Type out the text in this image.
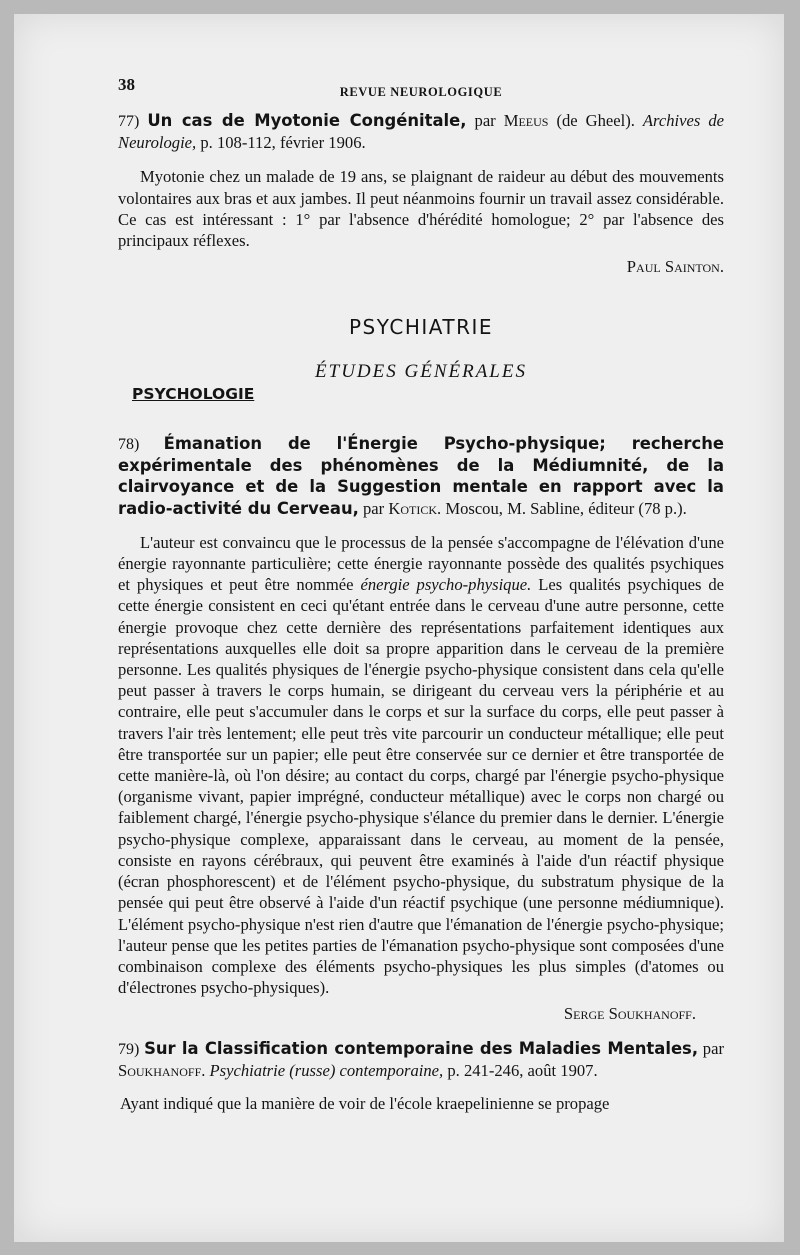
38	REVUE NEUROLOGIQUE

77) Un cas de Myotonie Congénitale, par Meeus (de Gheel). Archives de Neurologie, p. 108-112, février 1906.

Myotonie chez un malade de 19 ans, se plaignant de raideur au début des mouvements volontaires aux bras et aux jambes. Il peut néanmoins fournir un travail assez considérable. Ce cas est intéressant : 1° par l'absence d'hérédité homologue; 2° par l'absence des principaux réflexes.

Paul Sainton.

PSYCHIATRIE
ÉTUDES GÉNÉRALES
PSYCHOLOGIE

78) Émanation de l'Énergie Psycho-physique; recherche expérimentale des phénomènes de la Médiumnité, de la clairvoyance et de la Suggestion mentale en rapport avec la radio-activité du Cerveau, par Kotick. Moscou, M. Sabline, éditeur (78 p.).

L'auteur est convaincu que le processus de la pensée s'accompagne de l'élévation d'une énergie rayonnante particulière; cette énergie rayonnante possède des qualités psychiques et physiques et peut être nommée énergie psycho-physique. Les qualités psychiques de cette énergie consistent en ceci qu'étant entrée dans le cerveau d'une autre personne, cette énergie provoque chez cette dernière des représentations parfaitement identiques aux représentations auxquelles elle doit sa propre apparition dans le cerveau de la première personne. Les qualités physiques de l'énergie psycho-physique consistent dans cela qu'elle peut passer à travers le corps humain, se dirigeant du cerveau vers la périphérie et au contraire, elle peut s'accumuler dans le corps et sur la surface du corps, elle peut passer à travers l'air très lentement; elle peut très vite parcourir un conducteur métallique; elle peut être transportée sur un papier; elle peut être conservée sur ce dernier et être transportée de cette manière-là, où l'on désire; au contact du corps, chargé par l'énergie psycho-physique (organisme vivant, papier imprégné, conducteur métallique) avec le corps non chargé ou faiblement chargé, l'énergie psycho-physique s'élance du premier dans le dernier. L'énergie psycho-physique complexe, apparaissant dans le cerveau, au moment de la pensée, consiste en rayons cérébraux, qui peuvent être examinés à l'aide d'un réactif physique (écran phosphorescent) et de l'élément psycho-physique, du substratum physique de la pensée qui peut être observé à l'aide d'un réactif psychique (une personne médiumnique). L'élément psycho-physique n'est rien d'autre que l'émanation de l'énergie psycho-physique; l'auteur pense que les petites parties de l'émanation psycho-physique sont composées d'une combinaison complexe des éléments psycho-physiques les plus simples (d'atomes ou d'électrones psycho-physiques).

Serge Soukhanoff.

79) Sur la Classification contemporaine des Maladies Mentales, par Soukhanoff. Psychiatrie (russe) contemporaine, p. 241-246, août 1907.

Ayant indiqué que la manière de voir de l'école kraepelinienne se propage
